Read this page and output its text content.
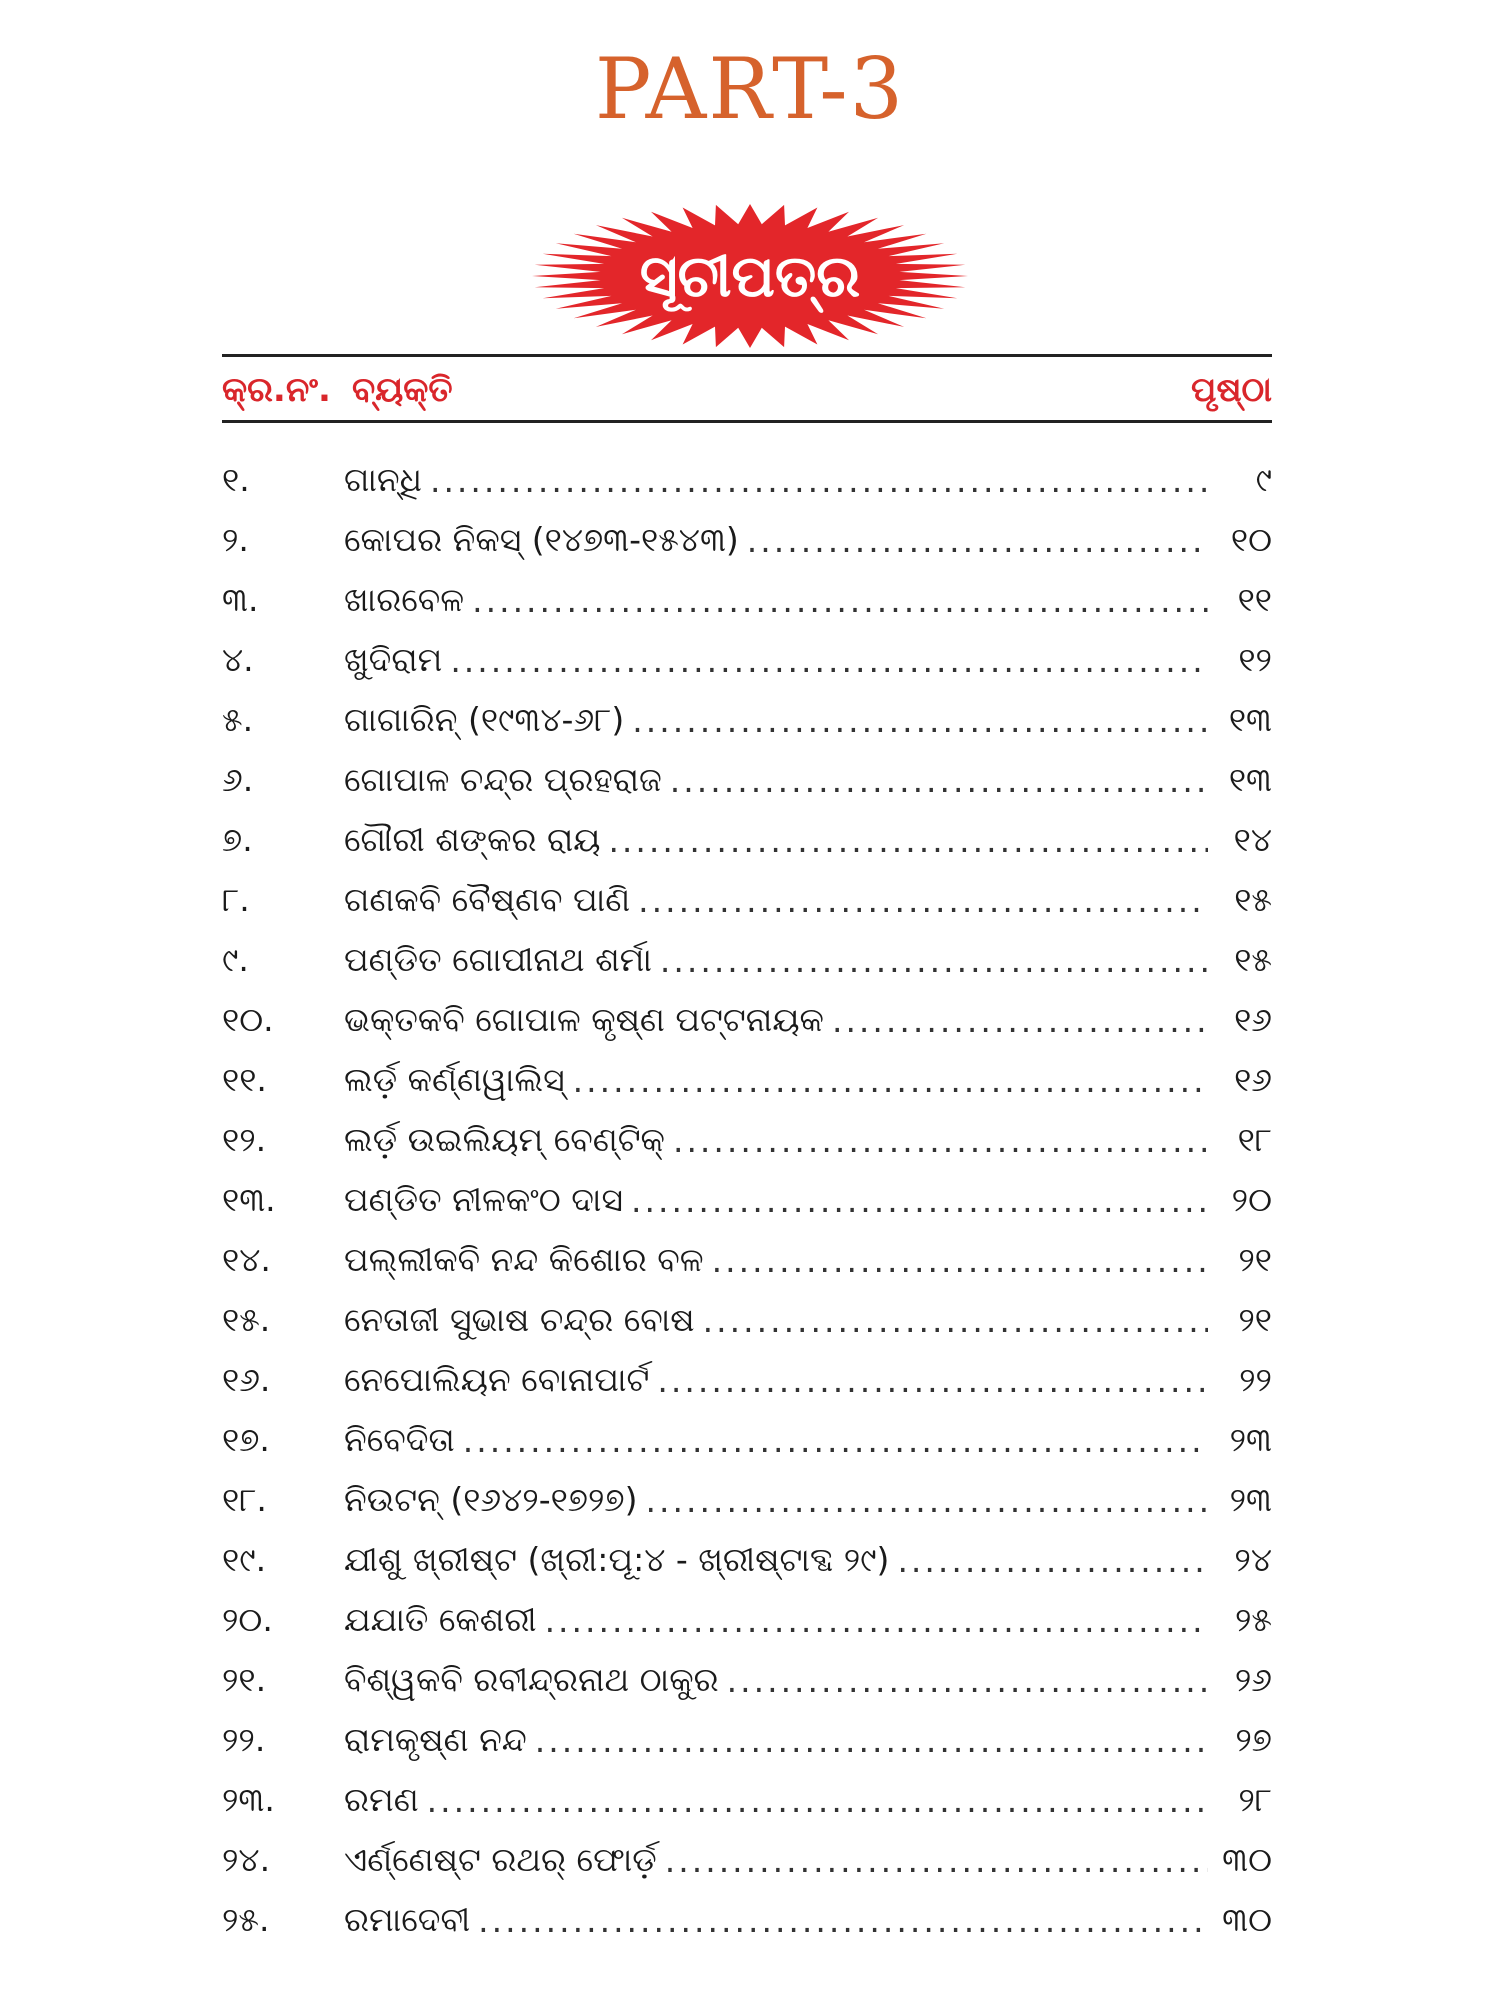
PART-3
ସୂଚୀପତ୍ର
କ୍ର.ନଂ. ବ୍ୟକ୍ତି	ପୃଷ୍ଠା
୧.	ଗାନ୍ଧି .....	୯
୨.	କୋପର ନିକସ୍ (୧୪୭୩-୧୫୪୩) .....	୧୦
୩.	ଖାରବେଳ .....	୧୧
୪.	ଖୁଦିରାମ .....	୧୨
୫.	ଗାଗାରିନ୍ (୧୯୩୪-୬୮) .....	୧୩
୬.	ଗୋପାଳ ଚନ୍ଦ୍ର ପ୍ରହରାଜ .....	୧୩
୭.	ଗୌରୀ ଶଙ୍କର ରାୟ .....	୧୪
୮.	ଗଣକବି ବୈଷ୍ଣବ ପାଣି .....	୧୫
୯.	ପଣ୍ଡିତ ଗୋପୀନାଥ ଶର୍ମା .....	୧୫
୧୦.	ଭକ୍ତକବି ଗୋପାଳ କୃଷ୍ଣ ପଟ୍ଟନାୟକ .....	୧୬
୧୧.	ଲର୍ଡ଼ କର୍ଣ୍ଣୱାଲିସ୍ .....	୧୬
୧୨.	ଲର୍ଡ଼ ଉଇଲିୟମ୍ ବେଣ୍ଟିକ୍ .....	୧୮
୧୩.	ପଣ୍ଡିତ ନୀଳକଂଠ ଦାସ .....	୨୦
୧୪.	ପଲ୍ଲୀକବି ନନ୍ଦ କିଶୋର ବଳ .....	୨୧
୧୫.	ନେତାଜୀ ସୁଭାଷ ଚନ୍ଦ୍ର ବୋଷ .....	୨୧
୧୬.	ନେପୋଲିୟନ ବୋନାପାର୍ଟ .....	୨୨
୧୭.	ନିବେଦିତା .....	୨୩
୧୮.	ନିଉଟନ୍ (୧୬୪୨-୧୭୨୭) .....	୨୩
୧୯.	ଯୀଶୁ ଖ୍ରୀଷ୍ଟ (ଖ୍ରୀ:ପୂ:୪ - ଖ୍ରୀଷ୍ଟାବ୍ଦ ୨୯) .....	୨୪
୨୦.	ଯଯାତି କେଶରୀ .....	୨୫
୨୧.	ବିଶ୍ୱକବି ରବୀନ୍ଦ୍ରନାଥ ଠାକୁର .....	୨୬
୨୨.	ରାମକୃଷ୍ଣ ନନ୍ଦ .....	୨୭
୨୩.	ରମଣ .....	୨୮
୨୪.	ଏର୍ଣ୍ଣେଷ୍ଟ ରଥର୍ ଫୋର୍ଡ଼ .....	୩୦
୨୫.	ରମାଦେବୀ .....	୩୦
